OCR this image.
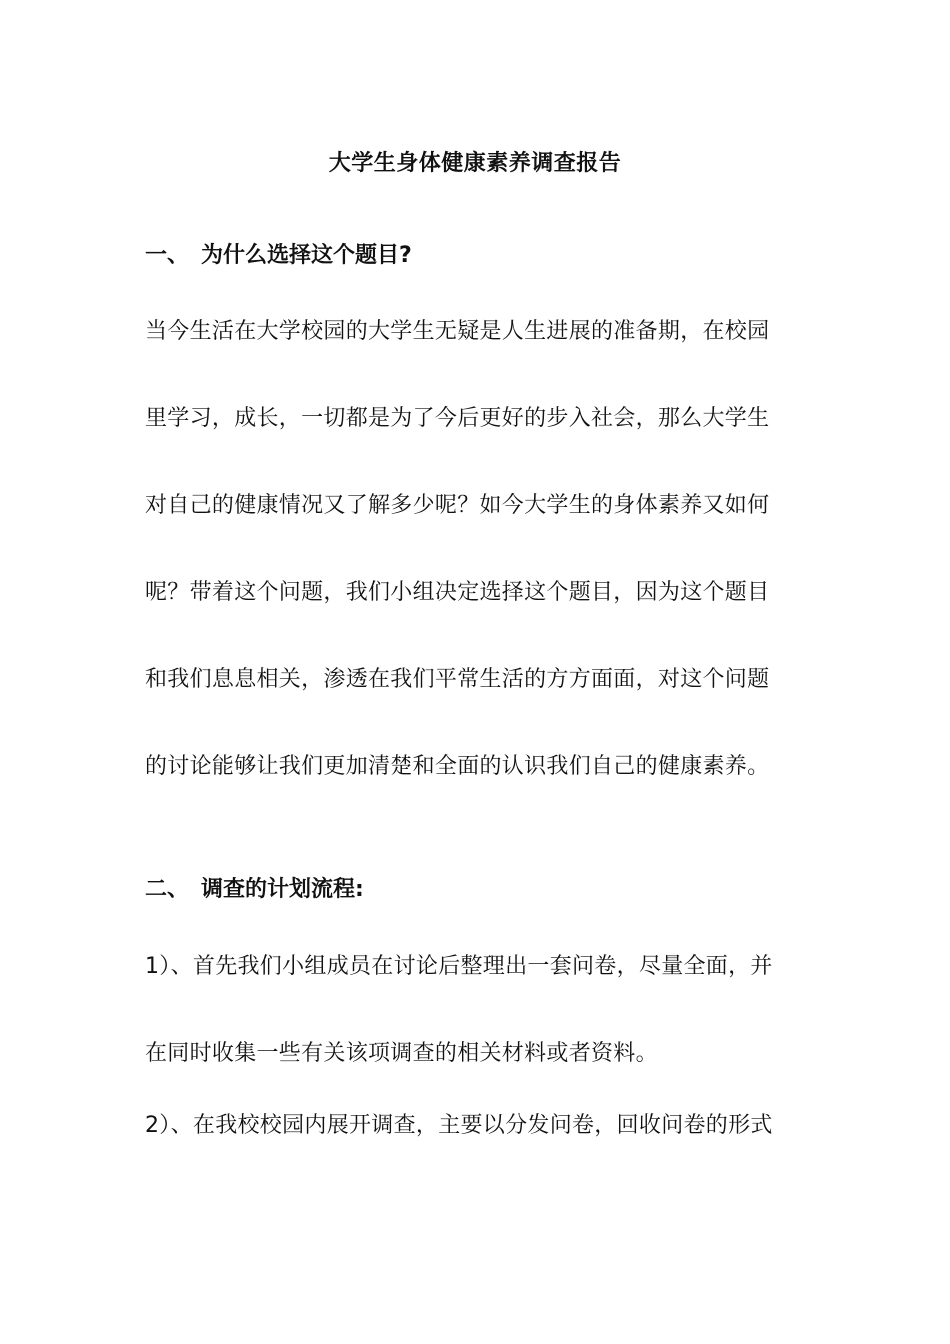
大学生身体健康素养调查报告
一、 为什么选择这个题目?
当今生活在大学校园的大学生无疑是人生进展的准备期，在校园
里学习，成长，一切都是为了今后更好的步入社会，那么大学生
对自己的健康情况又了解多少呢？如今大学生的身体素养又如何
呢？带着这个问题，我们小组决定选择这个题目，因为这个题目
和我们息息相关，渗透在我们平常生活的方方面面，对这个问题
的讨论能够让我们更加清楚和全面的认识我们自己的健康素养。
二、 调查的计划流程:
1）、首先我们小组成员在讨论后整理出一套问卷，尽量全面，并
在同时收集一些有关该项调查的相关材料或者资料。
2）、在我校校园内展开调查，主要以分发问卷，回收问卷的形式
